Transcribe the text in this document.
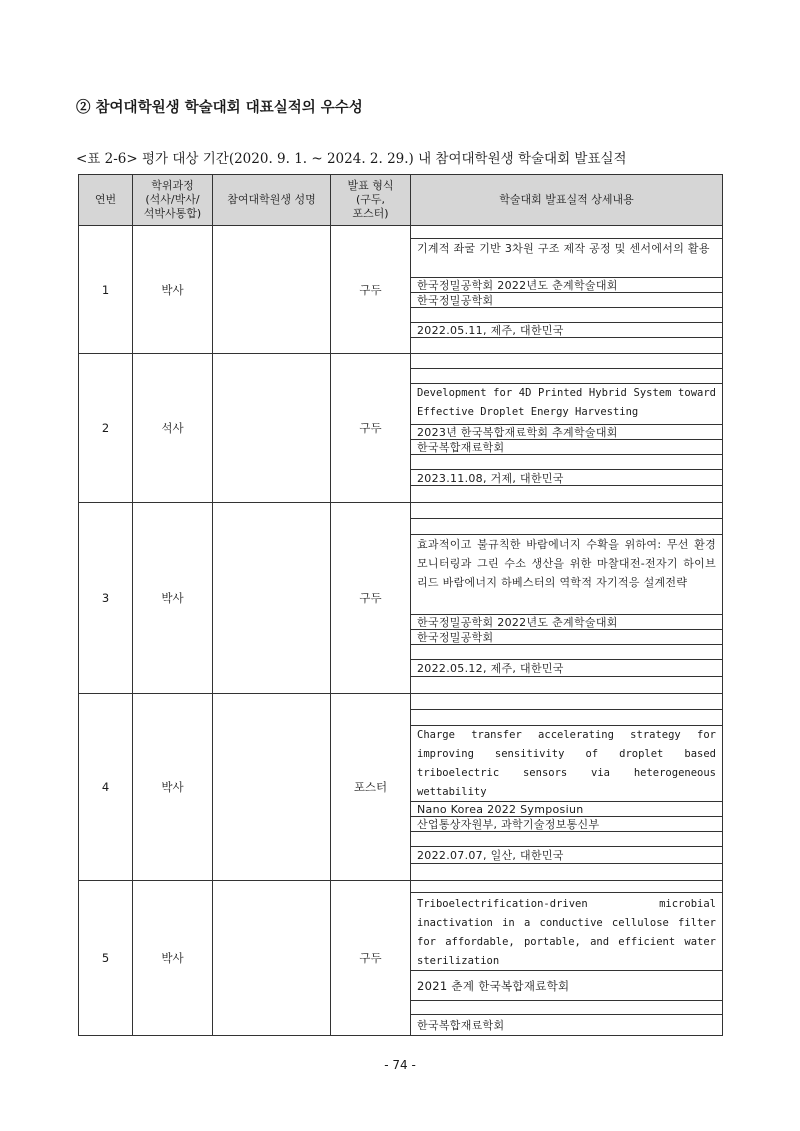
② 참여대학원생 학술대회 대표실적의 우수성

<표 2-6> 평가 대상 기간(2020. 9. 1. ~ 2024. 2. 29.) 내 참여대학원생 학술대회 발표실적

연번	학위과정
(석사/박사/
석박사통합)	참여대학원생 성명	발표 형식
(구두,
포스터)	학술대회 발표실적 상세내용
1	박사		구두	기계적 좌굴 기반 3차원 구조 제작 공정 및 센서에서의 활용
한국정밀공학회 2022년도 춘계학술대회
한국정밀공학회
2022.05.11, 제주, 대한민국

2	석사		구두	Development for 4D Printed Hybrid System toward Effective Droplet Energy Harvesting
2023년 한국복합재료학회 추계학술대회
한국복합재료학회
2023.11.08, 거제, 대한민국

3	박사		구두	효과적이고 불규칙한 바람에너지 수확을 위하여: 무선 환경 모니터링과 그린 수소 생산을 위한 마찰대전-전자기 하이브리드 바람에너지 하베스터의 역학적 자기적응 설계전략
한국정밀공학회 2022년도 춘계학술대회
한국정밀공학회
2022.05.12, 제주, 대한민국

4	박사		포스터	Charge transfer accelerating strategy for improving sensitivity of droplet based triboelectric sensors via heterogeneous wettability
Nano Korea 2022 Symposiun
산업통상자원부, 과학기술정보통신부
2022.07.07, 일산, 대한민국

5	박사		구두	Triboelectrification-driven microbial inactivation in a conductive cellulose filter for affordable, portable, and efficient water sterilization
2021 춘계 한국복합재료학회
한국복합재료학회
- 74 -
